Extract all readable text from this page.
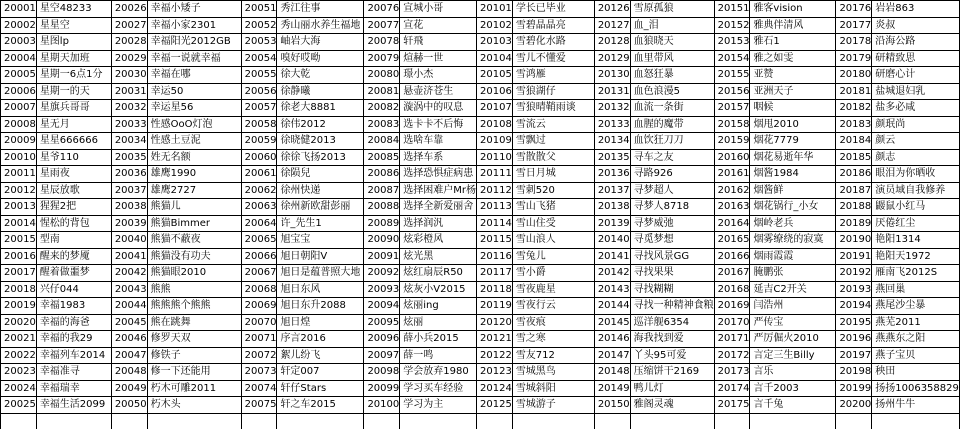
20001	星空48233	20026	幸福小矮子	20051	秀江往事	20076	宣城小哥	20101	学长已毕业	20126	雪原孤狼	20151	雅客vision	20176	岩岩863
20002	星星空	20027	幸福小家2301	20052	秀山丽水养生福地	20077	宣花	20102	雪碧晶晶亮	20127	血_泪	20152	雅典伴清风	20177	炎叔
20003	星图lp	20028	幸福阳光2012GB	20053	岫岩大海	20078	轩飛	20103	雪碧化水路	20128	血狼晓天	20153	雅石1	20178	沿海公路
20004	星期天加班	20029	幸福一说就幸福	20054	嗅好哎呦	20079	煊赫一世	20104	雪儿不懂爱	20129	血里带风	20154	雅之如雯	20179	研精致思
20005	星期一6点1分	20030	幸福在哪	20055	徐大乾	20080	璟小杰	20105	雪鸿雁	20130	血怒狂暴	20155	亚赞	20180	研磨心计
20006	星期一的天	20031	幸运50	20056	徐静曦	20081	悬壶济苍生	20106	雪狼湖仔	20131	血色浪漫5	20156	亚洲天子	20181	盐城退妇乳
20007	星旗兵哥哥	20032	幸运星56	20057	徐老大8881	20082	漩涡中的叹息	20107	雪狼晴鞘雨谈	20132	血流一条街	20157	咽候	20182	盐多必咸
20008	星无月	20033	性感OoO灯泡	20058	徐伟2012	20083	选卡卡不后悔	20108	雪流云	20133	血腥的魔带	20158	烟甩2010	20183	颜珉尚
20009	星星666666	20034	性感土豆泥	20059	徐晓健2013	20084	选啥车靠	20109	雪飘过	20134	血饮狂刀刀	20159	烟花7779	20184	颜云
20010	星爷110	20035	姓无名额	20060	徐徐飞扬2013	20085	选择车系	20110	雪散散父	20135	寻车之友	20160	烟花易逝年华	20185	颜志
20011	星雨夜	20036	雄鹰1990	20061	徐陨兒	20086	选择恐惧症病患	20111	雪日月城	20136	寻路926	20161	烟酱1984	20186	眼泪为你晒收
20012	星辰放歌	20037	雄鹰2727	20062	徐州快递	20087	选择困难户Mr杨	20112	雪刺520	20137	寻梦超人	20162	烟酱鲜	20187	演员域自我修养
20013	猩猩2把	20038	熊猫儿	20063	徐州新欧甜彭丽	20088	选择全新爱丽舍	20113	雪山飞猪	20138	寻梦人8718	20163	烟花锅行_小女	20188	鼹鼠小红马
20014	惺松的背包	20039	熊猫Bimmer	20064	许_先生1	20089	选择润汎	20114	雪山住受	20139	寻梦威弛	20164	烟岭老兵	20189	厌倦红尘
20015	型南	20040	熊猫不蔽夜	20065	旭宝宝	20090	炫彩橙风	20115	雪山浪人	20140	寻觅梦想	20165	烟雾缭绕的寂寞	20190	艳阳1314
20016	醒来的梦魇	20041	熊猫没有功夫	20066	旭日朝阳V	20091	炫光黑	20116	雪兔儿	20141	寻找风景GG	20166	烟雨霞霞	20191	艳阳天1972
20017	醒着做噩梦	20042	熊猫眼2010	20067	旭日是蕴普照大地	20092	炫红扇辰R50	20117	雪小爵	20142	寻找果果	20167	腌鹏张	20192	雁南飞2012S
20018	兴仔044	20043	熊熊	20068	旭日东风	20093	炫灰小V2015	20118	雪夜鹿星	20143	寻找糊糊	20168	延吉C2开关	20193	燕回巢
20019	幸福1983	20044	熊熊熊个熊熊	20069	旭日东升2088	20094	炫丽ing	20119	雪夜行云	20144	寻找一种精神食粮	20169	闫浩州	20194	燕尾沙尘暴
20020	幸福的海爸	20045	熊在跳舞	20070	旭日煌	20095	炫丽	20120	雪夜痕	20145	巡洋舰6354	20170	严传宝	20195	燕芜2011
20021	幸福的我29	20046	修罗天双	20071	序言2016	20096	薛小兵2015	20121	雪之寒	20146	海我找到爱	20171	严厉倔火2010	20196	燕燕东之阳
20022	幸福列车2014	20047	修铁子	20072	絮儿纷飞	20097	薛一鸣	20122	雪友712	20147	丫头95可爱	20172	言定三生Billy	20197	燕子宝贝
20023	幸福准寻	20048	修一下还能用	20073	轩定007	20098	学会放弃1980	20123	雪城黑鸟	20148	压缩饼干2169	20173	言乐	20198	秧田
20024	幸福瑞幸	20049	朽木可雕2011	20074	轩仔Stars	20099	学习买车经验	20124	雪城斜阳	20149	鸭儿灯	20174	言千2003	20199	扬扬1006358829
20025	幸福生活2099	20050	朽木头	20075	轩之车2015	20100	学习为主	20125	雪城游子	20150	雅阁灵魂	20175	言千兔	20200	扬州牛牛
